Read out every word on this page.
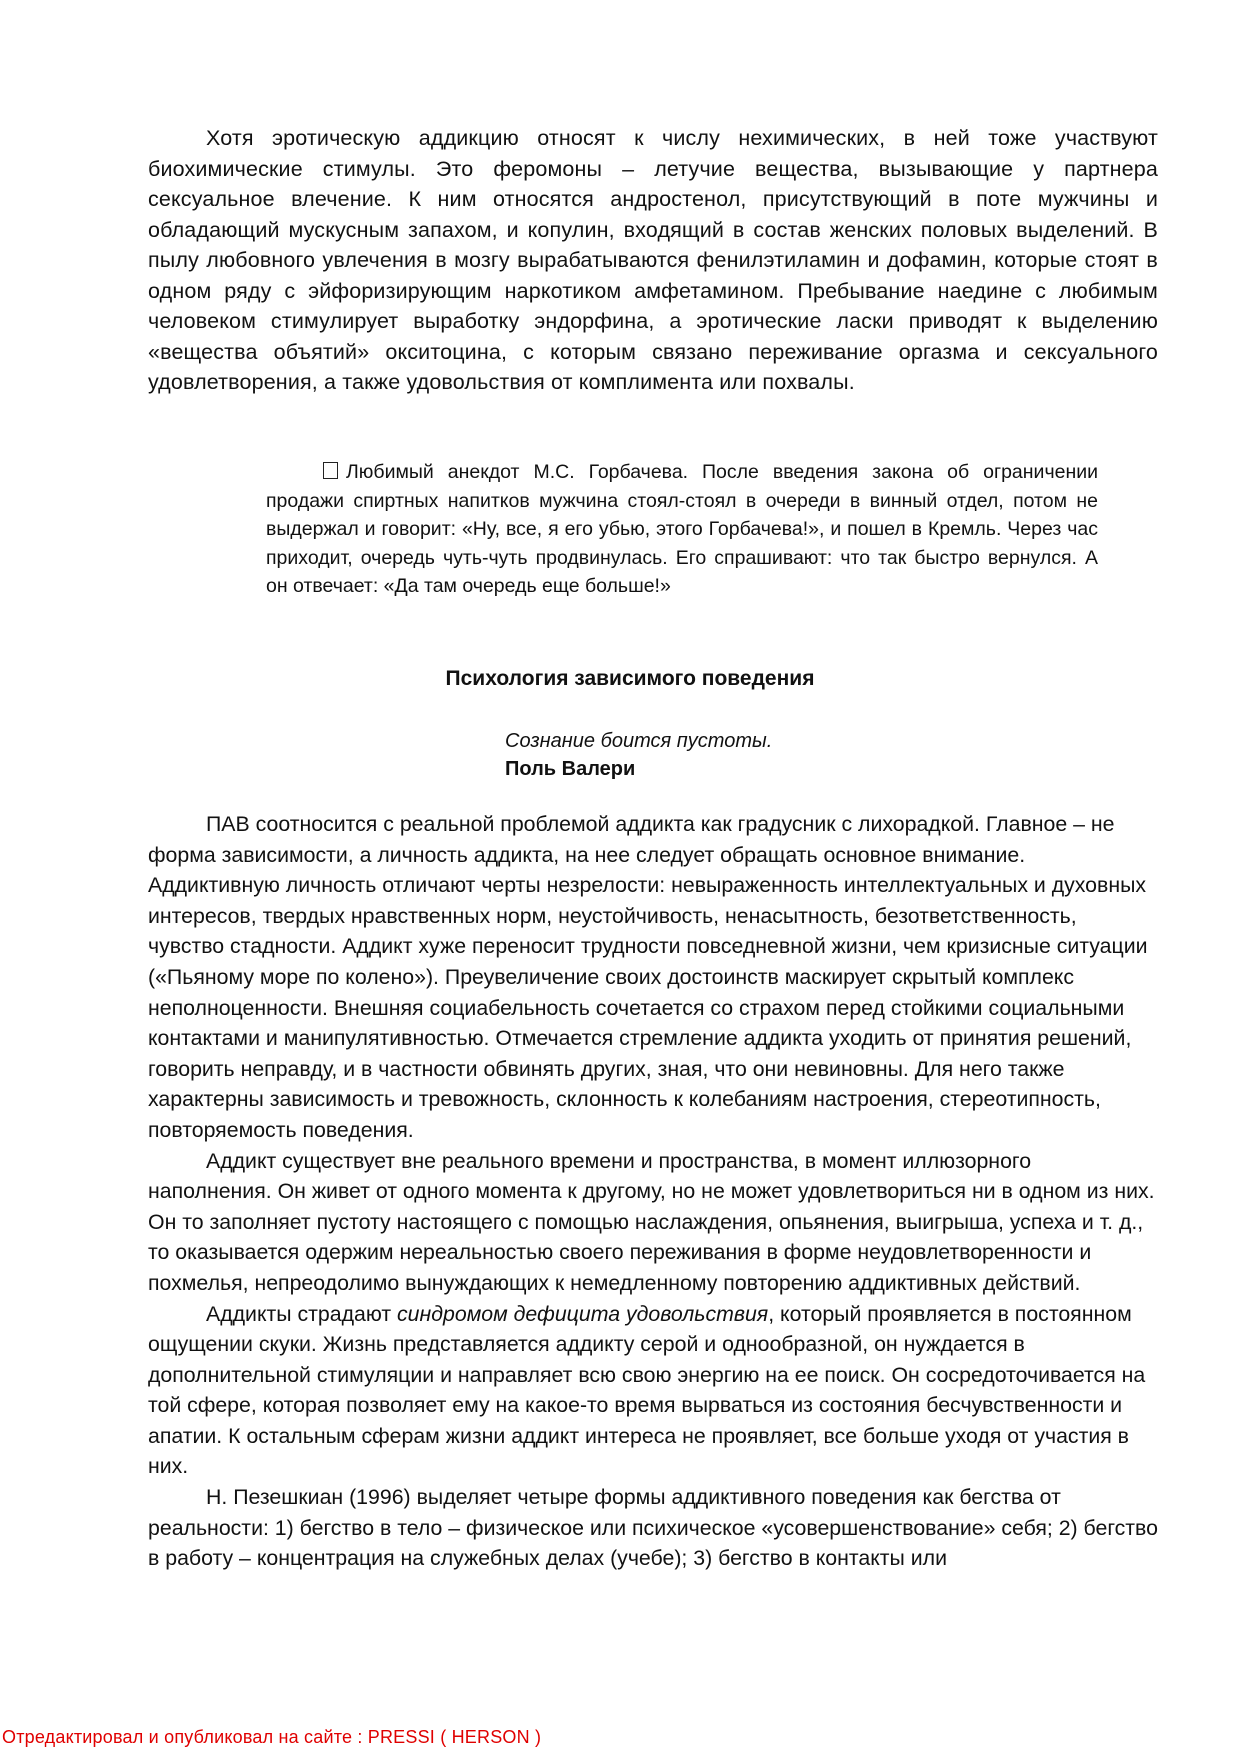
Хотя эротическую аддикцию относят к числу нехимических, в ней тоже участвуют биохимические стимулы. Это феромоны – летучие вещества, вызывающие у партнера сексуальное влечение. К ним относятся андростенол, присутствующий в поте мужчины и обладающий мускусным запахом, и копулин, входящий в состав женских половых выделений. В пылу любовного увлечения в мозгу вырабатываются фенилэтиламин и дофамин, которые стоят в одном ряду с эйфоризирующим наркотиком амфетамином. Пребывание наедине с любимым человеком стимулирует выработку эндорфина, а эротические ласки приводят к выделению «вещества объятий» окситоцина, с которым связано переживание оргазма и сексуального удовлетворения, а также удовольствия от комплимента или похвалы.

Любимый анекдот М.С. Горбачева. После введения закона об ограничении продажи спиртных напитков мужчина стоял-стоял в очереди в винный отдел, потом не выдержал и говорит: «Ну, все, я его убью, этого Горбачева!», и пошел в Кремль. Через час приходит, очередь чуть-чуть продвинулась. Его спрашивают: что так быстро вернулся. А он отвечает: «Да там очередь еще больше!»

Психология зависимого поведения
Сознание боится пустоты.
Поль Валери

ПАВ соотносится с реальной проблемой аддикта как градусник с лихорадкой. Главное – не форма зависимости, а личность аддикта, на нее следует обращать основное внимание. Аддиктивную личность отличают черты незрелости: невыраженность интеллектуальных и духовных интересов, твердых нравственных норм, неустойчивость, ненасытность, безответственность, чувство стадности. Аддикт хуже переносит трудности повседневной жизни, чем кризисные ситуации («Пьяному море по колено»). Преувеличение своих достоинств маскирует скрытый комплекс неполноценности. Внешняя социабельность сочетается со страхом перед стойкими социальными контактами и манипулятивностью. Отмечается стремление аддикта уходить от принятия решений, говорить неправду, и в частности обвинять других, зная, что они невиновны. Для него также характерны зависимость и тревожность, склонность к колебаниям настроения, стереотипность, повторяемость поведения.

Аддикт существует вне реального времени и пространства, в момент иллюзорного наполнения. Он живет от одного момента к другому, но не может удовлетвориться ни в одном из них. Он то заполняет пустоту настоящего с помощью наслаждения, опьянения, выигрыша, успеха и т. д., то оказывается одержим нереальностью своего переживания в форме неудовлетворенности и похмелья, непреодолимо вынуждающих к немедленному повторению аддиктивных действий.

Аддикты страдают синдромом дефицита удовольствия, который проявляется в постоянном ощущении скуки. Жизнь представляется аддикту серой и однообразной, он нуждается в дополнительной стимуляции и направляет всю свою энергию на ее поиск. Он сосредоточивается на той сфере, которая позволяет ему на какое-то время вырваться из состояния бесчувственности и апатии. К остальным сферам жизни аддикт интереса не проявляет, все больше уходя от участия в них.

Н. Пезешкиан (1996) выделяет четыре формы аддиктивного поведения как бегства от реальности: 1) бегство в тело – физическое или психическое «усовершенствование» себя; 2) бегство в работу – концентрация на служебных делах (учебе); 3) бегство в контакты или

Отредактировал и опубликовал на сайте : PRESSI ( HERSON )
